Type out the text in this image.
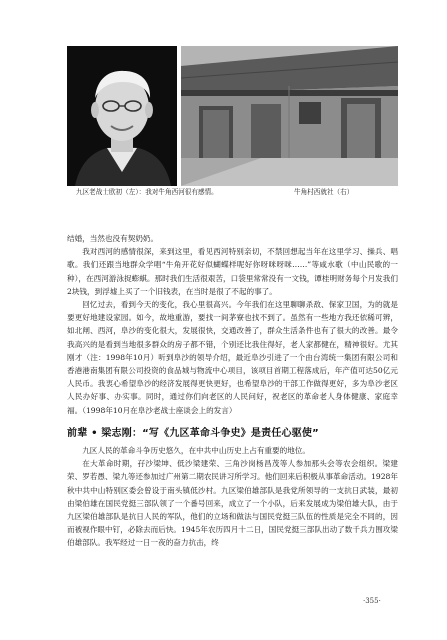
九区老战士欧初（左）：我对牛角西河很有感情。	牛角村西就社（右）

结婚，当然也没有契奶奶。

我对西河的感情很深，来到这里，看见西河特别亲切，不禁回想起当年在这里学习、操兵、唱歌。我们还跟当地群众学唱“牛角开花好似蝴蝶样呢好你呀咪呀咪……”等咸水歌（中山民歌的一种），在西河游泳捉蟛蜞。那时我们生活很艰苦，口袋里常常没有一文钱，谭桂明财务每个月发我们2块钱，到浮墟上买了一个旧钱表，在当时是很了不起的事了。

回忆过去，看到今天的变化，我心里很高兴。今年我们在这里聊聊杀敌、保家卫国，为的就是要更好地建设家园。如今，故地重游，要找一间茅寮也找不到了。虽然有一些地方我还依稀可辨，如北闸、西河，阜沙的变化很大，发展很快，交通改善了，群众生活条件也有了很大的改善。最令我高兴的是看到当地很多群众的房子都不错，个别还比我住得好，老人家都健在，精神很好。尤其刚才（注：1998年10月）听到阜沙的领导介绍，最近阜沙引进了一个由台湾统一集团有限公司和香港港南集团有限公司投资的食品城与物流中心项目，该项目首期工程落成后，年产值可达50亿元人民币。我衷心希望阜沙的经济发展得更快更好，也希望阜沙的干部工作做得更好，多为阜沙老区人民办好事、办实事。同时，通过你们向老区的人民问好，祝老区的革命老人身体健康、家庭幸福。（1998年10月在阜沙老战士座谈会上的发言）

前辈 • 梁志刚：“写《九区革命斗争史》是责任心驱使”

九区人民的革命斗争历史悠久，在中共中山历史上占有重要的地位。

在大革命时期，孖沙梁坤、低沙梁建荣、三角沙岗杨昌茂等人参加那头会等农会组织。梁建荣、罗若愚、梁九等还参加过广州第二期农民讲习所学习。他们回来后积极从事革命活动。1928年秋中共中山特别区委会曾设于南头镇低沙村。九区梁伯雄部队是我党所领导的一支抗日武装，最初由梁伯雄在国民党挺三部队领了一个番号回来，成立了一个小队，后来发展成为梁伯雄大队，由于九区梁伯雄部队是抗日人民的军队，他们的立场和做法与国民党挺三队伍的性质是完全不同的，因而被视作眼中钉，必除去而后快。1945年农历四月十二日，国民党挺三部队出动了数千兵力围攻梁伯雄部队。我军经过一日一夜的奋力抗击，终

·355·
